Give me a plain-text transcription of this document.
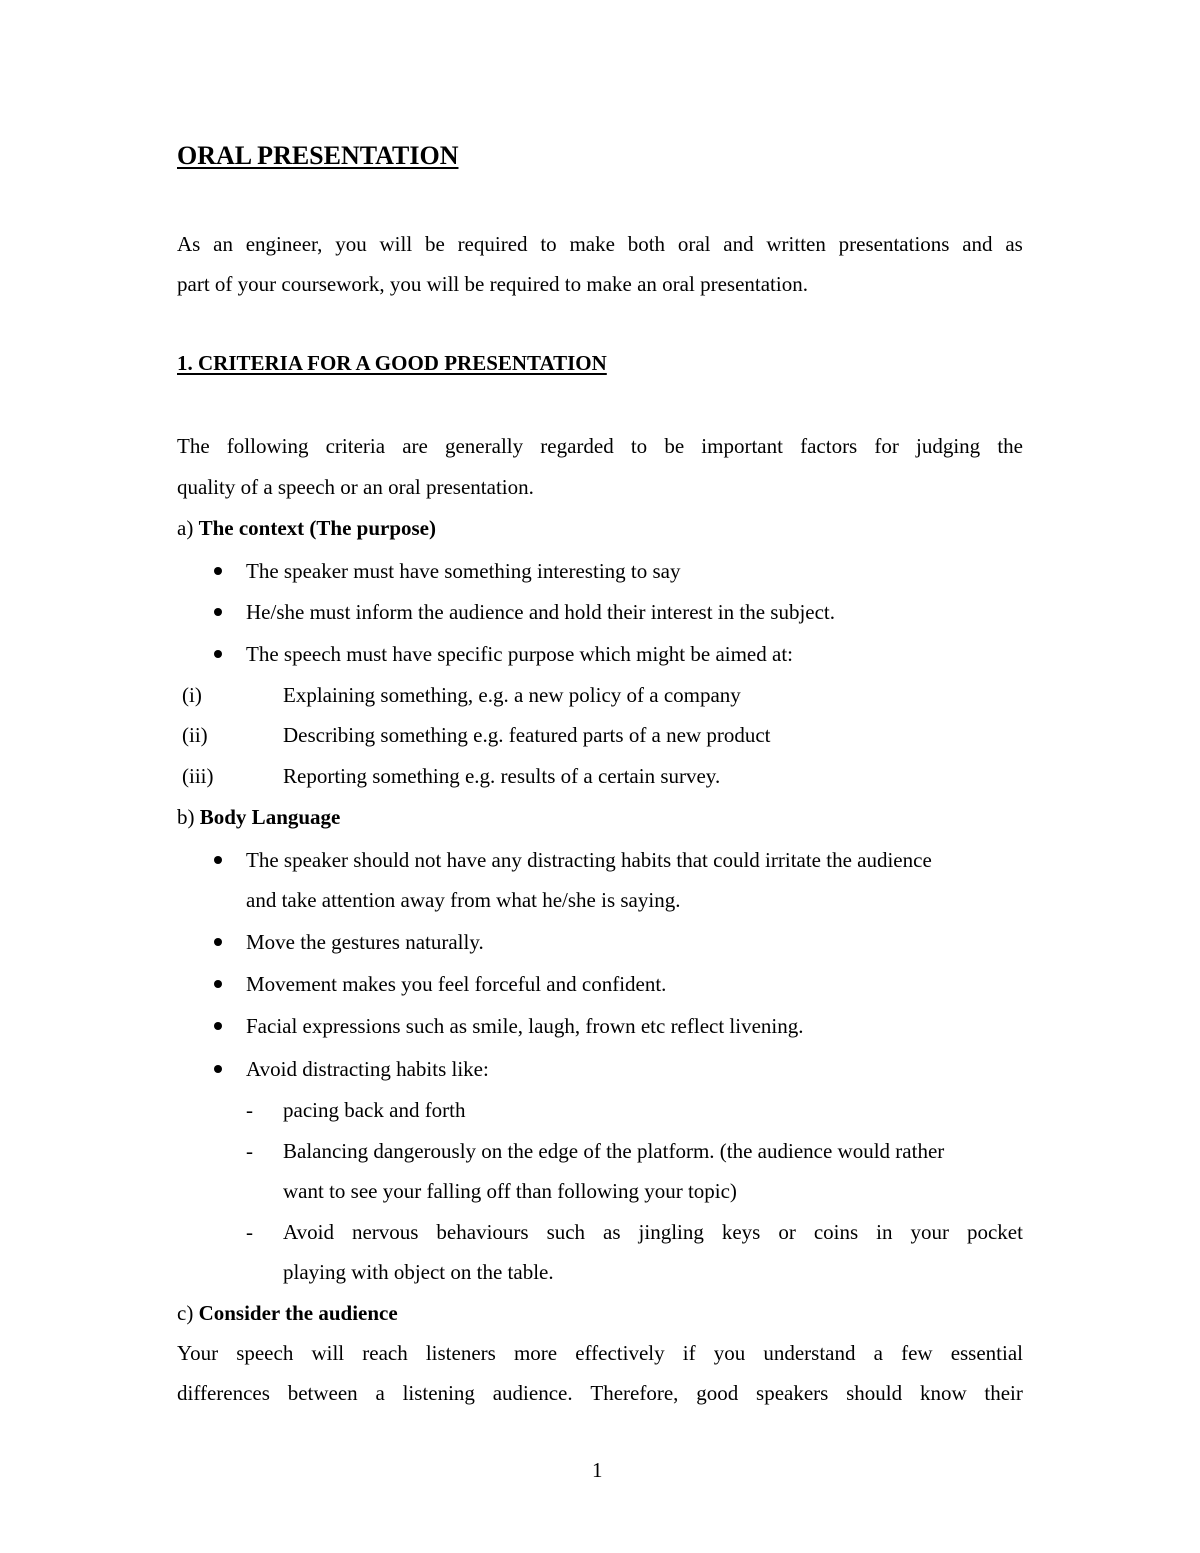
ORAL PRESENTATION
As an engineer, you will be required to make both oral and written presentations and as
part of your coursework, you will be required to make an oral presentation.
1. CRITERIA FOR A GOOD PRESENTATION
The following criteria are generally regarded to be important factors for judging the
quality of a speech or an oral presentation.
a) The context (The purpose)
The speaker must have something interesting to say
He/she must inform the audience and hold their interest in the subject.
The speech must have specific purpose which might be aimed at:
(i)	Explaining something, e.g. a new policy of a company
(ii)	Describing something e.g. featured parts of a new product
(iii)	Reporting something e.g. results of a certain survey.
b) Body Language
The speaker should not have any distracting habits that could irritate the audience
and take attention away from what he/she is saying.
Move the gestures naturally.
Movement makes you feel forceful and confident.
Facial expressions such as smile, laugh, frown etc reflect livening.
Avoid distracting habits like:
- pacing back and forth
- Balancing dangerously on the edge of the platform. (the audience would rather
want to see your falling off than following your topic)
- Avoid nervous behaviours such as jingling keys or coins in your pocket
playing with object on the table.
c) Consider the audience
Your speech will reach listeners more effectively if you understand a few essential
differences between a listening audience. Therefore, good speakers should know their
1
